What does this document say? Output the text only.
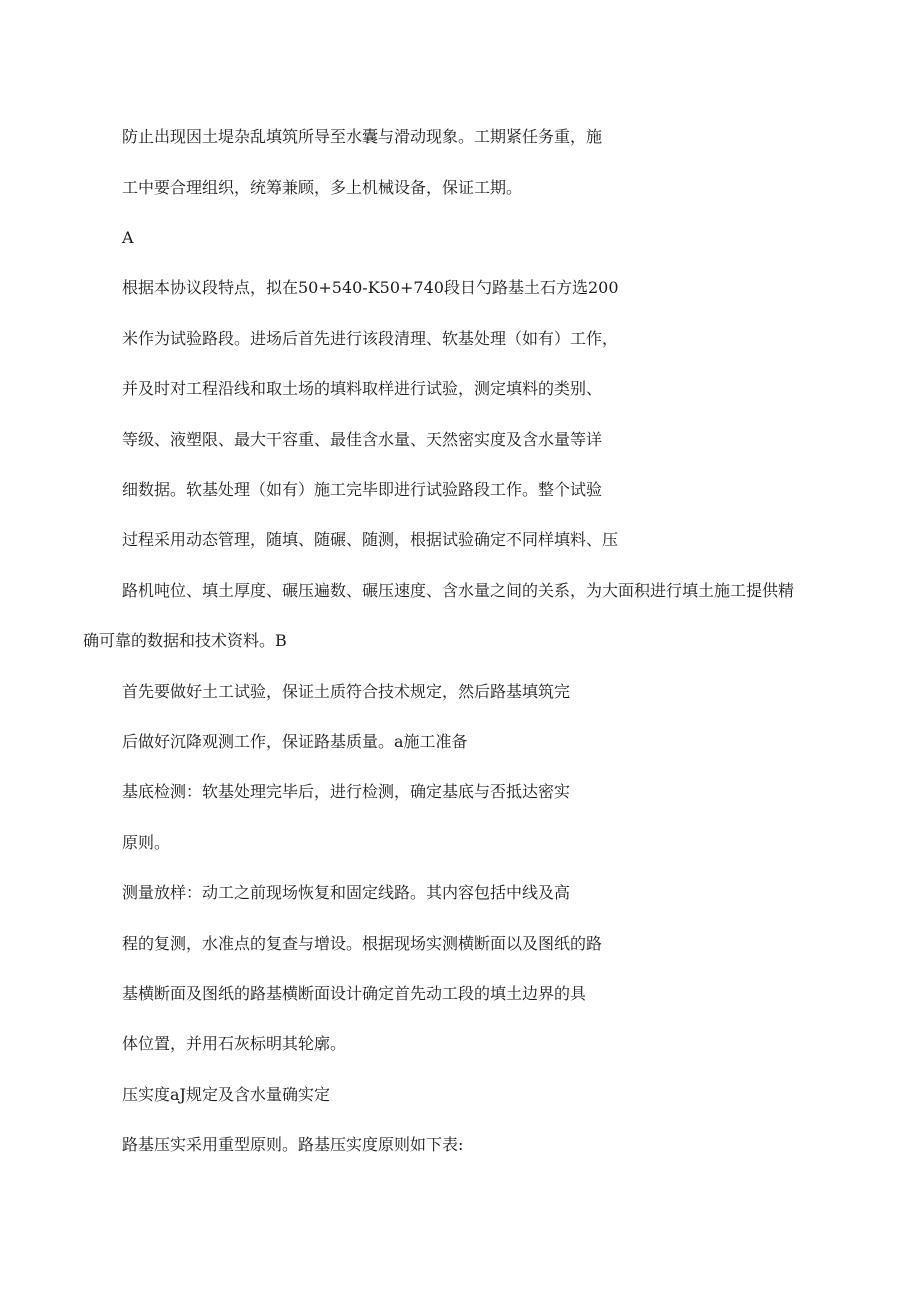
防止出现因土堤杂乱填筑所导至水囊与滑动现象。工期紧任务重，施

工中要合理组织，统筹兼顾，多上机械设备，保证工期。

A

根据本协议段特点，拟在50+540-K50+740段日勺路基土石方选200

米作为试验路段。进场后首先进行该段清理、软基处理（如有）工作，

并及时对工程沿线和取土场的填料取样进行试验，测定填料的类别、

等级、液塑限、最大干容重、最佳含水量、天然密实度及含水量等详

细数据。软基处理（如有）施工完毕即进行试验路段工作。整个试验

过程采用动态管理，随填、随碾、随测，根据试验确定不同样填料、压

路机吨位、填土厚度、碾压遍数、碾压速度、含水量之间的关系，为大面积进行填土施工提供精

确可靠的数据和技术资料。B

首先要做好土工试验，保证土质符合技术规定，然后路基填筑完

后做好沉降观测工作，保证路基质量。a施工准备

基底检测：软基处理完毕后，进行检测，确定基底与否抵达密实

原则。

测量放样：动工之前现场恢复和固定线路。其内容包括中线及高

程的复测，水准点的复查与增设。根据现场实测横断面以及图纸的路

基横断面及图纸的路基横断面设计确定首先动工段的填土边界的具

体位置，并用石灰标明其轮廓。

压实度aJ规定及含水量确实定

路基压实采用重型原则。路基压实度原则如下表:
